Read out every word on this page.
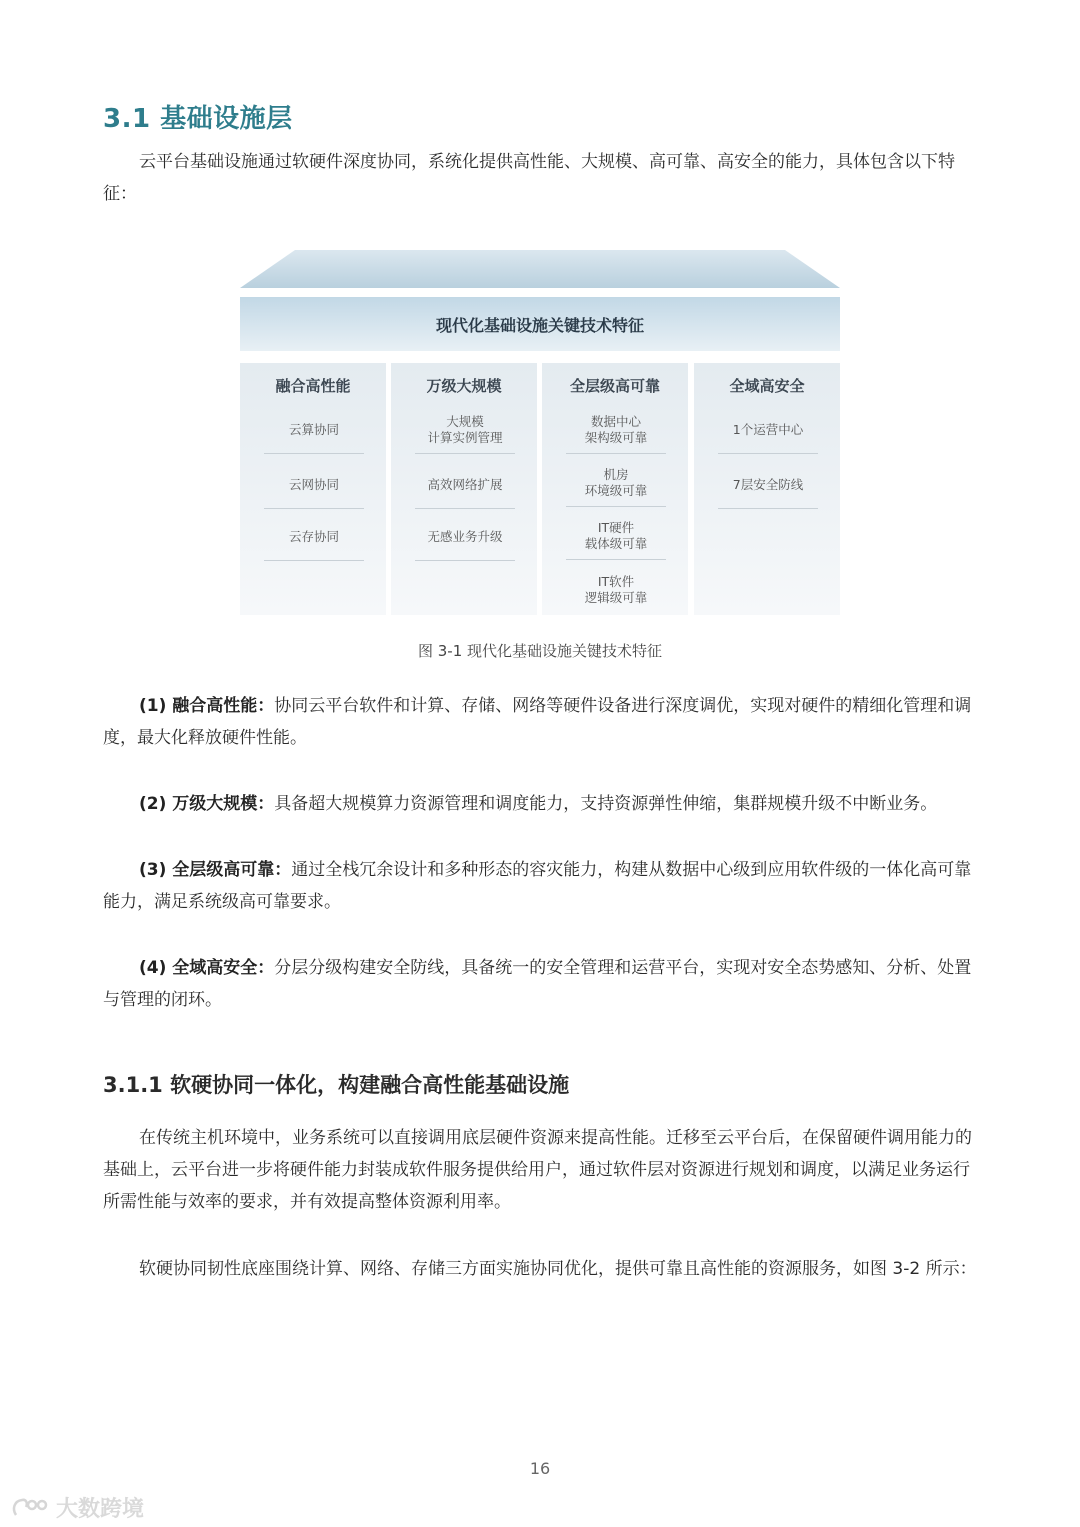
3.1 基础设施层
云平台基础设施通过软硬件深度协同，系统化提供高性能、大规模、高可靠、高安全的能力，具体包含以下特征：
现代化基础设施关键技术特征
融合高性能
云算协同
云网协同
云存协同
万级大规模
大规模
计算实例管理
高效网络扩展
无感业务升级
全层级高可靠
数据中心
架构级可靠
机房
环境级可靠
IT硬件
载体级可靠
IT软件
逻辑级可靠
全域高安全
1个运营中心
7层安全防线
图 3-1 现代化基础设施关键技术特征
(1) 融合高性能：协同云平台软件和计算、存储、网络等硬件设备进行深度调优，实现对硬件的精细化管理和调度，最大化释放硬件性能。
(2) 万级大规模：具备超大规模算力资源管理和调度能力，支持资源弹性伸缩，集群规模升级不中断业务。
(3) 全层级高可靠：通过全栈冗余设计和多种形态的容灾能力，构建从数据中心级到应用软件级的一体化高可靠能力，满足系统级高可靠要求。
(4) 全域高安全：分层分级构建安全防线，具备统一的安全管理和运营平台，实现对安全态势感知、分析、处置与管理的闭环。
3.1.1 软硬协同一体化，构建融合高性能基础设施
在传统主机环境中，业务系统可以直接调用底层硬件资源来提高性能。迁移至云平台后，在保留硬件调用能力的基础上，云平台进一步将硬件能力封装成软件服务提供给用户，通过软件层对资源进行规划和调度，以满足业务运行所需性能与效率的要求，并有效提高整体资源利用率。
软硬协同韧性底座围绕计算、网络、存储三方面实施协同优化，提供可靠且高性能的资源服务，如图 3-2 所示：
16
大数跨境
